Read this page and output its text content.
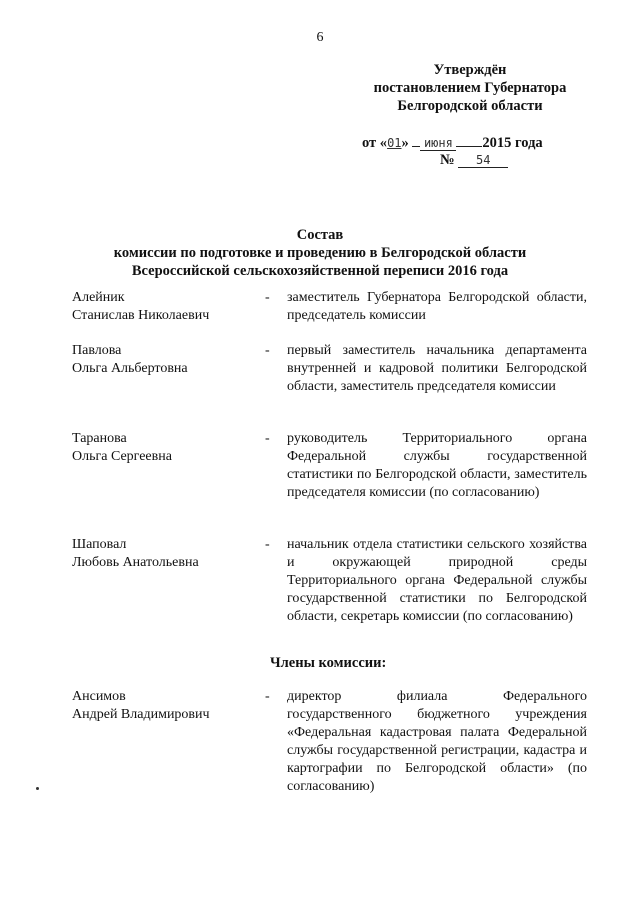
6
Утверждён
постановлением Губернатора
Белгородской области
от «01» июня 2015 года
№ 54
Состав
комиссии по подготовке и проведению в Белгородской области
Всероссийской сельскохозяйственной переписи 2016 года
Алейник
Станислав Николаевич
- заместитель Губернатора Белгородской области, председатель комиссии
Павлова
Ольга Альбертовна
- первый заместитель начальника департамента внутренней и кадровой политики Белгородской области, заместитель председателя комиссии
Таранова
Ольга Сергеевна
- руководитель Территориального органа Федеральной службы государственной статистики по Белгородской области, заместитель председателя комиссии (по согласованию)
Шаповал
Любовь Анатольевна
- начальник отдела статистики сельского хозяйства и окружающей природной среды Территориального органа Федеральной службы государственной статистики по Белгородской области, секретарь комиссии (по согласованию)
Члены комиссии:
Ансимов
Андрей Владимирович
- директор филиала Федерального государственного бюджетного учреждения «Федеральная кадастровая палата Федеральной службы государственной регистрации, кадастра и картографии по Белгородской области» (по согласованию)
